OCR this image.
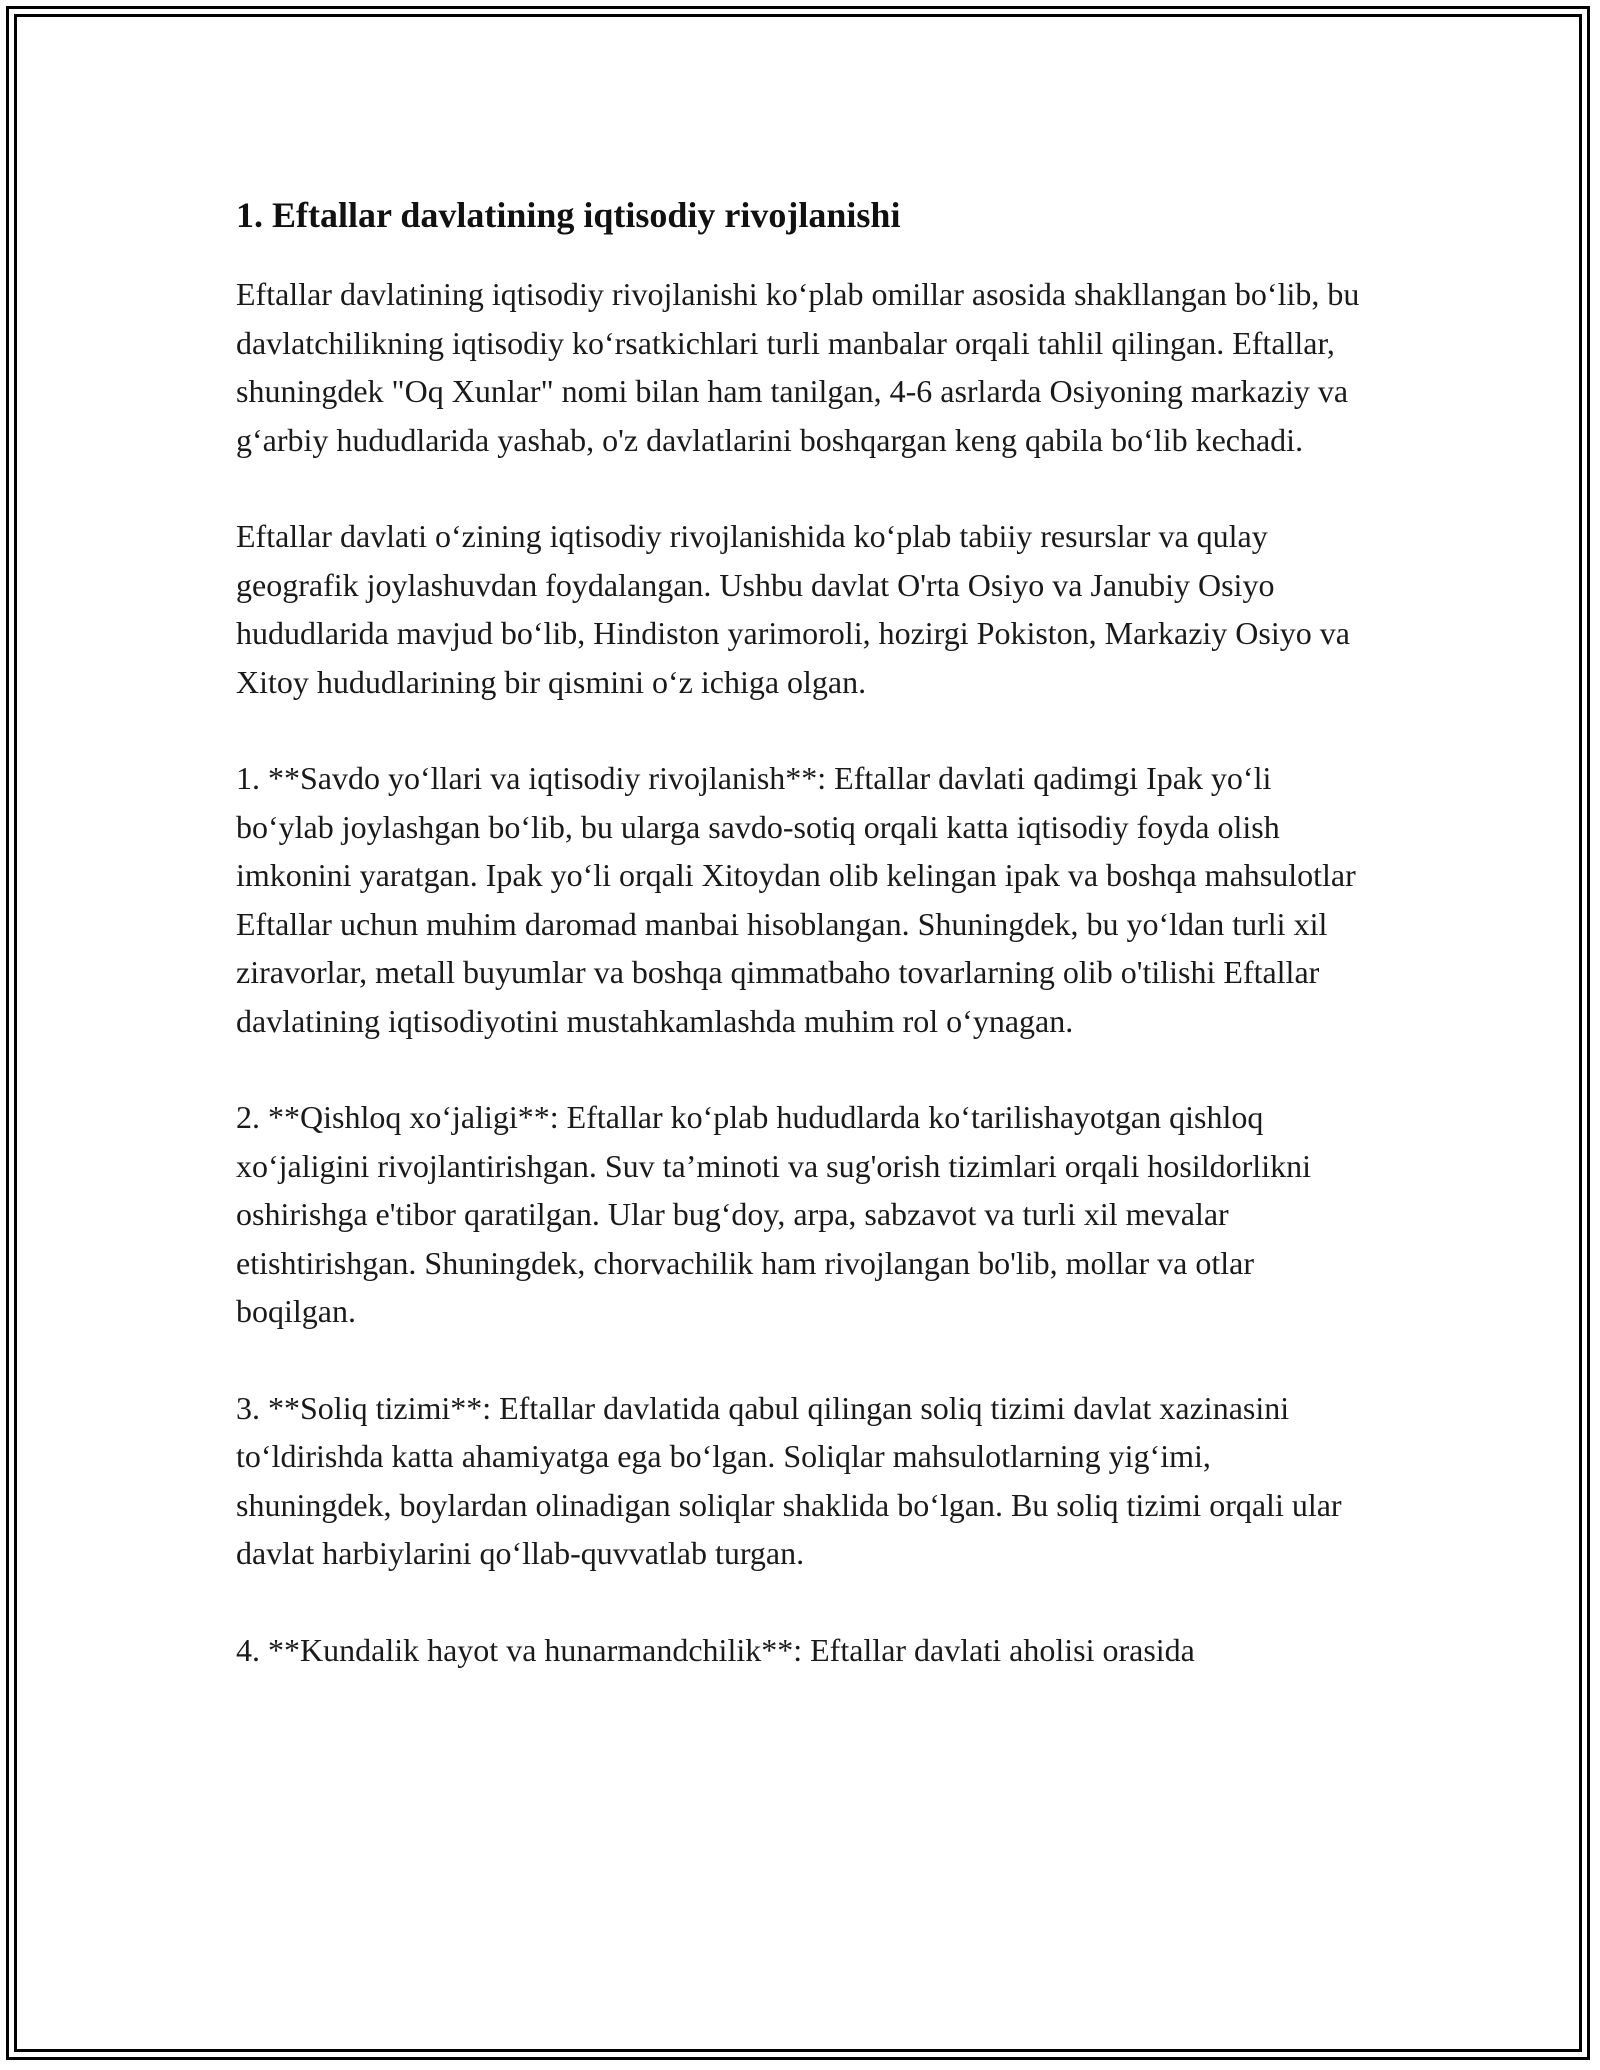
1. Eftallar davlatining iqtisodiy rivojlanishi

Eftallar davlatining iqtisodiy rivojlanishi koʻplab omillar asosida shakllangan boʻlib, bu davlatchilikning iqtisodiy koʻrsatkichlari turli manbalar orqali tahlil qilingan. Eftallar, shuningdek "Oq Xunlar" nomi bilan ham tanilgan, 4-6 asrlarda Osiyoning markaziy va gʻarbiy hududlarida yashab, o'z davlatlarini boshqargan keng qabila boʻlib kechadi.

Eftallar davlati oʻzining iqtisodiy rivojlanishida koʻplab tabiiy resurslar va qulay geografik joylashuvdan foydalangan. Ushbu davlat O'rta Osiyo va Janubiy Osiyo hududlarida mavjud boʻlib, Hindiston yarimoroli, hozirgi Pokiston, Markaziy Osiyo va Xitoy hududlarining bir qismini oʻz ichiga olgan.

1. **Savdo yoʻllari va iqtisodiy rivojlanish**: Eftallar davlati qadimgi Ipak yoʻli boʻylab joylashgan boʻlib, bu ularga savdo-sotiq orqali katta iqtisodiy foyda olish imkonini yaratgan. Ipak yoʻli orqali Xitoydan olib kelingan ipak va boshqa mahsulotlar Eftallar uchun muhim daromad manbai hisoblangan. Shuningdek, bu yoʻldan turli xil ziravorlar, metall buyumlar va boshqa qimmatbaho tovarlarning olib o'tilishi Eftallar davlatining iqtisodiyotini mustahkamlashda muhim rol oʻynagan.

2. **Qishloq xoʻjaligi**: Eftallar koʻplab hududlarda koʻtarilishayotgan qishloq xoʻjaligini rivojlantirishgan. Suv ta’minoti va sug'orish tizimlari orqali hosildorlikni oshirishga e'tibor qaratilgan. Ular bugʻdoy, arpa, sabzavot va turli xil mevalar etishtirishgan. Shuningdek, chorvachilik ham rivojlangan bo'lib, mollar va otlar boqilgan.

3. **Soliq tizimi**: Eftallar davlatida qabul qilingan soliq tizimi davlat xazinasini toʻldirishda katta ahamiyatga ega boʻlgan. Soliqlar mahsulotlarning yigʻimi, shuningdek, boylardan olinadigan soliqlar shaklida boʻlgan. Bu soliq tizimi orqali ular davlat harbiylarini qoʻllab-quvvatlab turgan.

4. **Kundalik hayot va hunarmandchilik**: Eftallar davlati aholisi orasida
